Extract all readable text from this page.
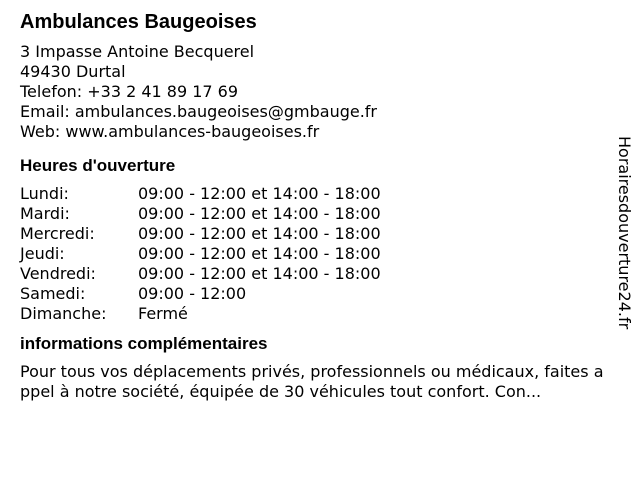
Ambulances Baugeoises
3 Impasse Antoine Becquerel
49430 Durtal
Telefon: +33 2 41 89 17 69
Email: ambulances.baugeoises@gmbauge.fr
Web: www.ambulances-baugeoises.fr
Heures d'ouverture
Lundi:	09:00 - 12:00 et 14:00 - 18:00
Mardi:	09:00 - 12:00 et 14:00 - 18:00
Mercredi:	09:00 - 12:00 et 14:00 - 18:00
Jeudi:	09:00 - 12:00 et 14:00 - 18:00
Vendredi:	09:00 - 12:00 et 14:00 - 18:00
Samedi:	09:00 - 12:00
Dimanche:	Fermé
informations complémentaires
Pour tous vos déplacements privés, professionnels ou médicaux, faites appel à notre société, équipée de 30 véhicules tout confort. Con...
Horairesdouverture24.fr
